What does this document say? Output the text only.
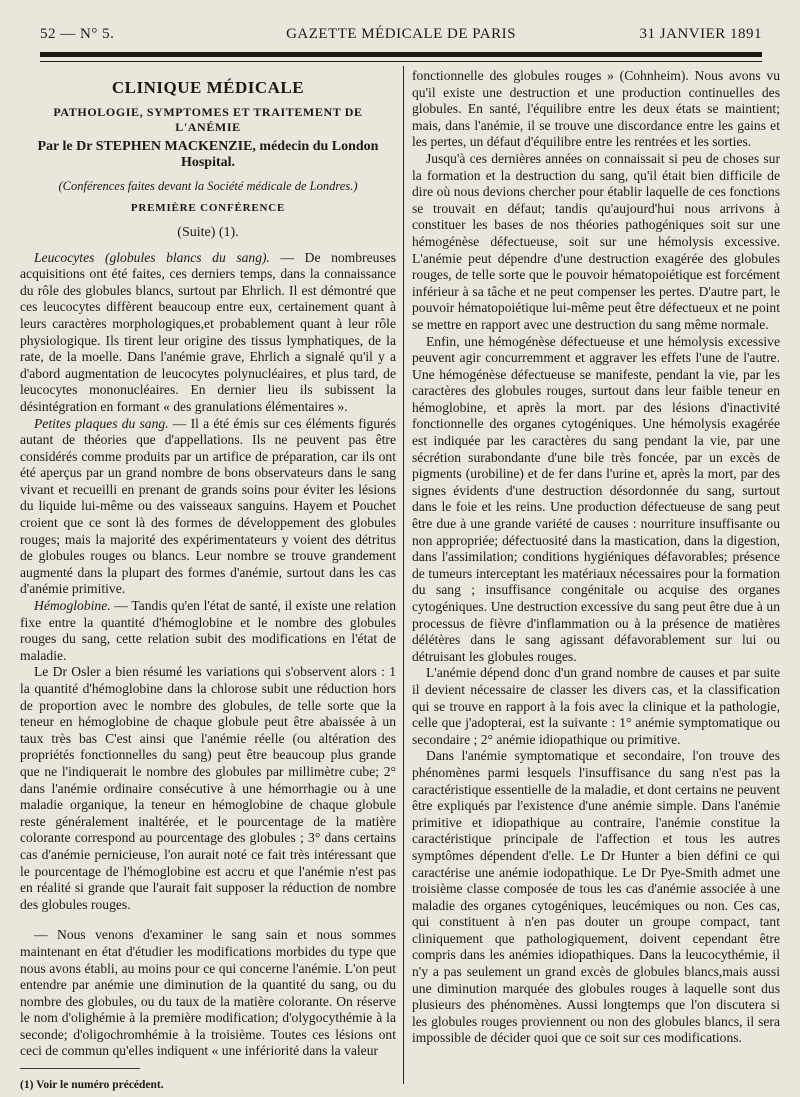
52 — N° 5.	GAZETTE MÉDICALE DE PARIS	31 JANVIER 1891
CLINIQUE MÉDICALE
PATHOLOGIE, SYMPTOMES ET TRAITEMENT DE L'ANÉMIE
Par le Dr STEPHEN MACKENZIE, médecin du London Hospital.
(Conférences faites devant la Société médicale de Londres.)
PREMIÈRE CONFÉRENCE
(Suite) (1).

Leucocytes (globules blancs du sang). — De nombreuses acquisitions ont été faites, ces derniers temps, dans la connaissance du rôle des globules blancs, surtout par Ehrlich. Il est démontré que ces leucocytes diffèrent beaucoup entre eux, certainement quant à leurs caractères morphologiques,et probablement quant à leur rôle physiologique. Ils tirent leur origine des tissus lymphatiques, de la rate, de la moelle. Dans l'anémie grave, Ehrlich a signalé qu'il y a d'abord augmentation de leucocytes polynucléaires, et plus tard, de leucocytes mononucléaires. En dernier lieu ils subissent la désintégration en formant « des granulations élémentaires ».

Petites plaques du sang. — Il a été émis sur ces éléments figurés autant de théories que d'appellations. Ils ne peuvent pas être considérés comme produits par un artifice de préparation, car ils ont été aperçus par un grand nombre de bons observateurs dans le sang vivant et recueilli en prenant de grands soins pour éviter les lésions du liquide lui-même ou des vaisseaux sanguins. Hayem et Pouchet croient que ce sont là des formes de développement des globules rouges; mais la majorité des expérimentateurs y voient des détritus de globules rouges ou blancs. Leur nombre se trouve grandement augmenté dans la plupart des formes d'anémie, surtout dans les cas d'anémie primitive.

Hémoglobine. — Tandis qu'en l'état de santé, il existe une relation fixe entre la quantité d'hémoglobine et le nombre des globules rouges du sang, cette relation subit des modifications en l'état de maladie.

Le Dr Osler a bien résumé les variations qui s'observent alors : 1 la quantité d'hémoglobine dans la chlorose subit une réduction hors de proportion avec le nombre des globules, de telle sorte que la teneur en hémoglobine de chaque globule peut être abaissée à un taux très bas C'est ainsi que l'anémie réelle (ou altération des propriétés fonctionnelles du sang) peut être beaucoup plus grande que ne l'indiquerait le nombre des globules par millimètre cube; 2° dans l'anémie ordinaire consécutive à une hémorrhagie ou à une maladie organique, la teneur en hémoglobine de chaque globule reste généralement inaltérée, et le pourcentage de la matière colorante correspond au pourcentage des globules ; 3° dans certains cas d'anémie pernicieuse, l'on aurait noté ce fait très intéressant que le pourcentage de l'hémoglobine est accru et que l'anémie n'est pas en réalité si grande que l'aurait fait supposer la réduction de nombre des globules rouges.

— Nous venons d'examiner le sang sain et nous sommes maintenant en état d'étudier les modifications morbides du type que nous avons établi, au moins pour ce qui concerne l'anémie. L'on peut entendre par anémie une diminution de la quantité du sang, ou du nombre des globules, ou du taux de la matière colorante. On réserve le nom d'olighémie à la première modification; d'olygocythémie à la seconde; d'oligochromhémie à la troisième. Toutes ces lésions ont ceci de commun qu'elles indiquent « une infériorité dans la valeur

(1) Voir le numéro précédent.

fonctionnelle des globules rouges » (Cohnheim). Nous avons vu qu'il existe une destruction et une production continuelles des globules. En santé, l'équilibre entre les deux états se maintient; mais, dans l'anémie, il se trouve une discordance entre les gains et les pertes, un défaut d'équilibre entre les rentrées et les sorties.

Jusqu'à ces dernières années on connaissait si peu de choses sur la formation et la destruction du sang, qu'il était bien difficile de dire où nous devions chercher pour établir laquelle de ces fonctions se trouvait en défaut; tandis qu'aujourd'hui nous arrivons à constituer les bases de nos théories pathogéniques soit sur une hémogénèse défectueuse, soit sur une hémolysis excessive. L'anémie peut dépendre d'une destruction exagérée des globules rouges, de telle sorte que le pouvoir hématopoiétique est forcément inférieur à sa tâche et ne peut compenser les pertes. D'autre part, le pouvoir hématopoiétique lui-même peut être défectueux et ne point se mettre en rapport avec une destruction du sang même normale.

Enfin, une hémogénèse défectueuse et une hémolysis excessive peuvent agir concurremment et aggraver les effets l'une de l'autre. Une hémogénèse défectueuse se manifeste, pendant la vie, par les caractères des globules rouges, surtout dans leur faible teneur en hémoglobine, et après la mort. par des lésions d'inactivité fonctionnelle des organes cytogéniques. Une hémolysis exagérée est indiquée par les caractères du sang pendant la vie, par une sécrétion surabondante d'une bile très foncée, par un excès de pigments (urobiline) et de fer dans l'urine et, après la mort, par des signes évidents d'une destruction désordonnée du sang, surtout dans le foie et les reins. Une production défectueuse de sang peut être due à une grande variété de causes : nourriture insuffisante ou non appropriée; défectuosité dans la mastication, dans la digestion, dans l'assimilation; conditions hygiéniques défavorables; présence de tumeurs interceptant les matériaux nécessaires pour la formation du sang ; insuffisance congénitale ou acquise des organes cytogéniques. Une destruction excessive du sang peut être due à un processus de fièvre d'inflammation ou à la présence de matières délétères dans le sang agissant défavorablement sur lui ou détruisant les globules rouges.

L'anémie dépend donc d'un grand nombre de causes et par suite il devient nécessaire de classer les divers cas, et la classification qui se trouve en rapport à la fois avec la clinique et la pathologie, celle que j'adopterai, est la suivante : 1° anémie symptomatique ou secondaire ; 2° anémie idiopathique ou primitive.

Dans l'anémie symptomatique et secondaire, l'on trouve des phénomènes parmi lesquels l'insuffisance du sang n'est pas la caractéristique essentielle de la maladie, et dont certains ne peuvent être expliqués par l'existence d'une anémie simple. Dans l'anémie primitive et idiopathique au contraire, l'anémie constitue la caractéristique principale de l'affection et tous les autres symptômes dépendent d'elle. Le Dr Hunter a bien défini ce qui caractérise une anémie iodopathique. Le Dr Pye-Smith admet une troisième classe composée de tous les cas d'anémie associée à une maladie des organes cytogéniques, leucémiques ou non. Ces cas, qui constituent à n'en pas douter un groupe compact, tant cliniquement que pathologiquement, doivent cependant être compris dans les anémies idiopathiques. Dans la leucocythémie, il n'y a pas seulement un grand excès de globules blancs,mais aussi une diminution marquée des globules rouges à laquelle sont dus plusieurs des phénomènes. Aussi longtemps que l'on discutera si les globules rouges proviennent ou non des globules blancs, il sera impossible de décider quoi que ce soit sur ces modifications.
